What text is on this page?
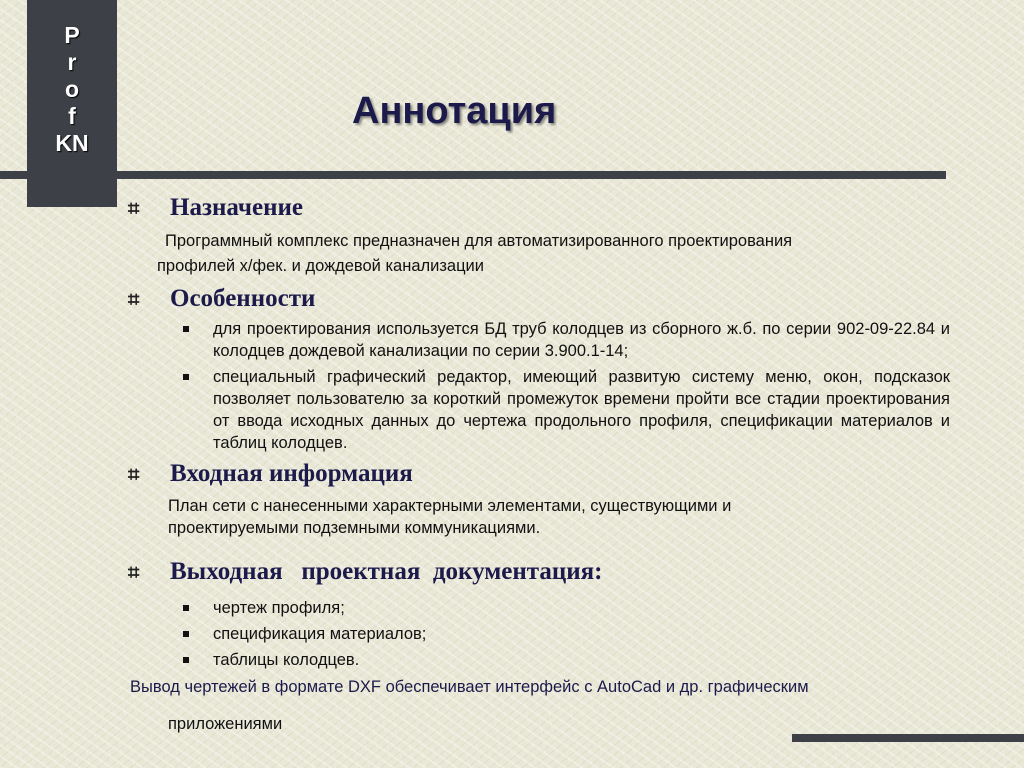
P
r
o
f
KN
Аннотация
⌗	Назначение
Программный комплекс предназначен для автоматизированного проектирования
профилей х/фек. и дождевой канализации
⌗	Особенности
для проектирования используется БД труб колодцев из сборного ж.б. по серии 902-09-22.84 и колодцев дождевой канализации по серии 3.900.1-14;
специальный графический редактор, имеющий развитую систему меню, окон, подсказок позволяет пользователю за короткий промежуток времени пройти все стадии проектирования от ввода исходных данных до чертежа продольного профиля, спецификации материалов и таблиц колодцев.
⌗	Входная информация
План сети с нанесенными характерными элементами, существующими и
проектируемыми подземными коммуникациями.
⌗	Выходная   проектная  документация:
чертеж профиля;
спецификация материалов;
таблицы колодцев.
Вывод чертежей в формате DXF обеспечивает интерфейс с AutoCad и др. графическим
приложениями
